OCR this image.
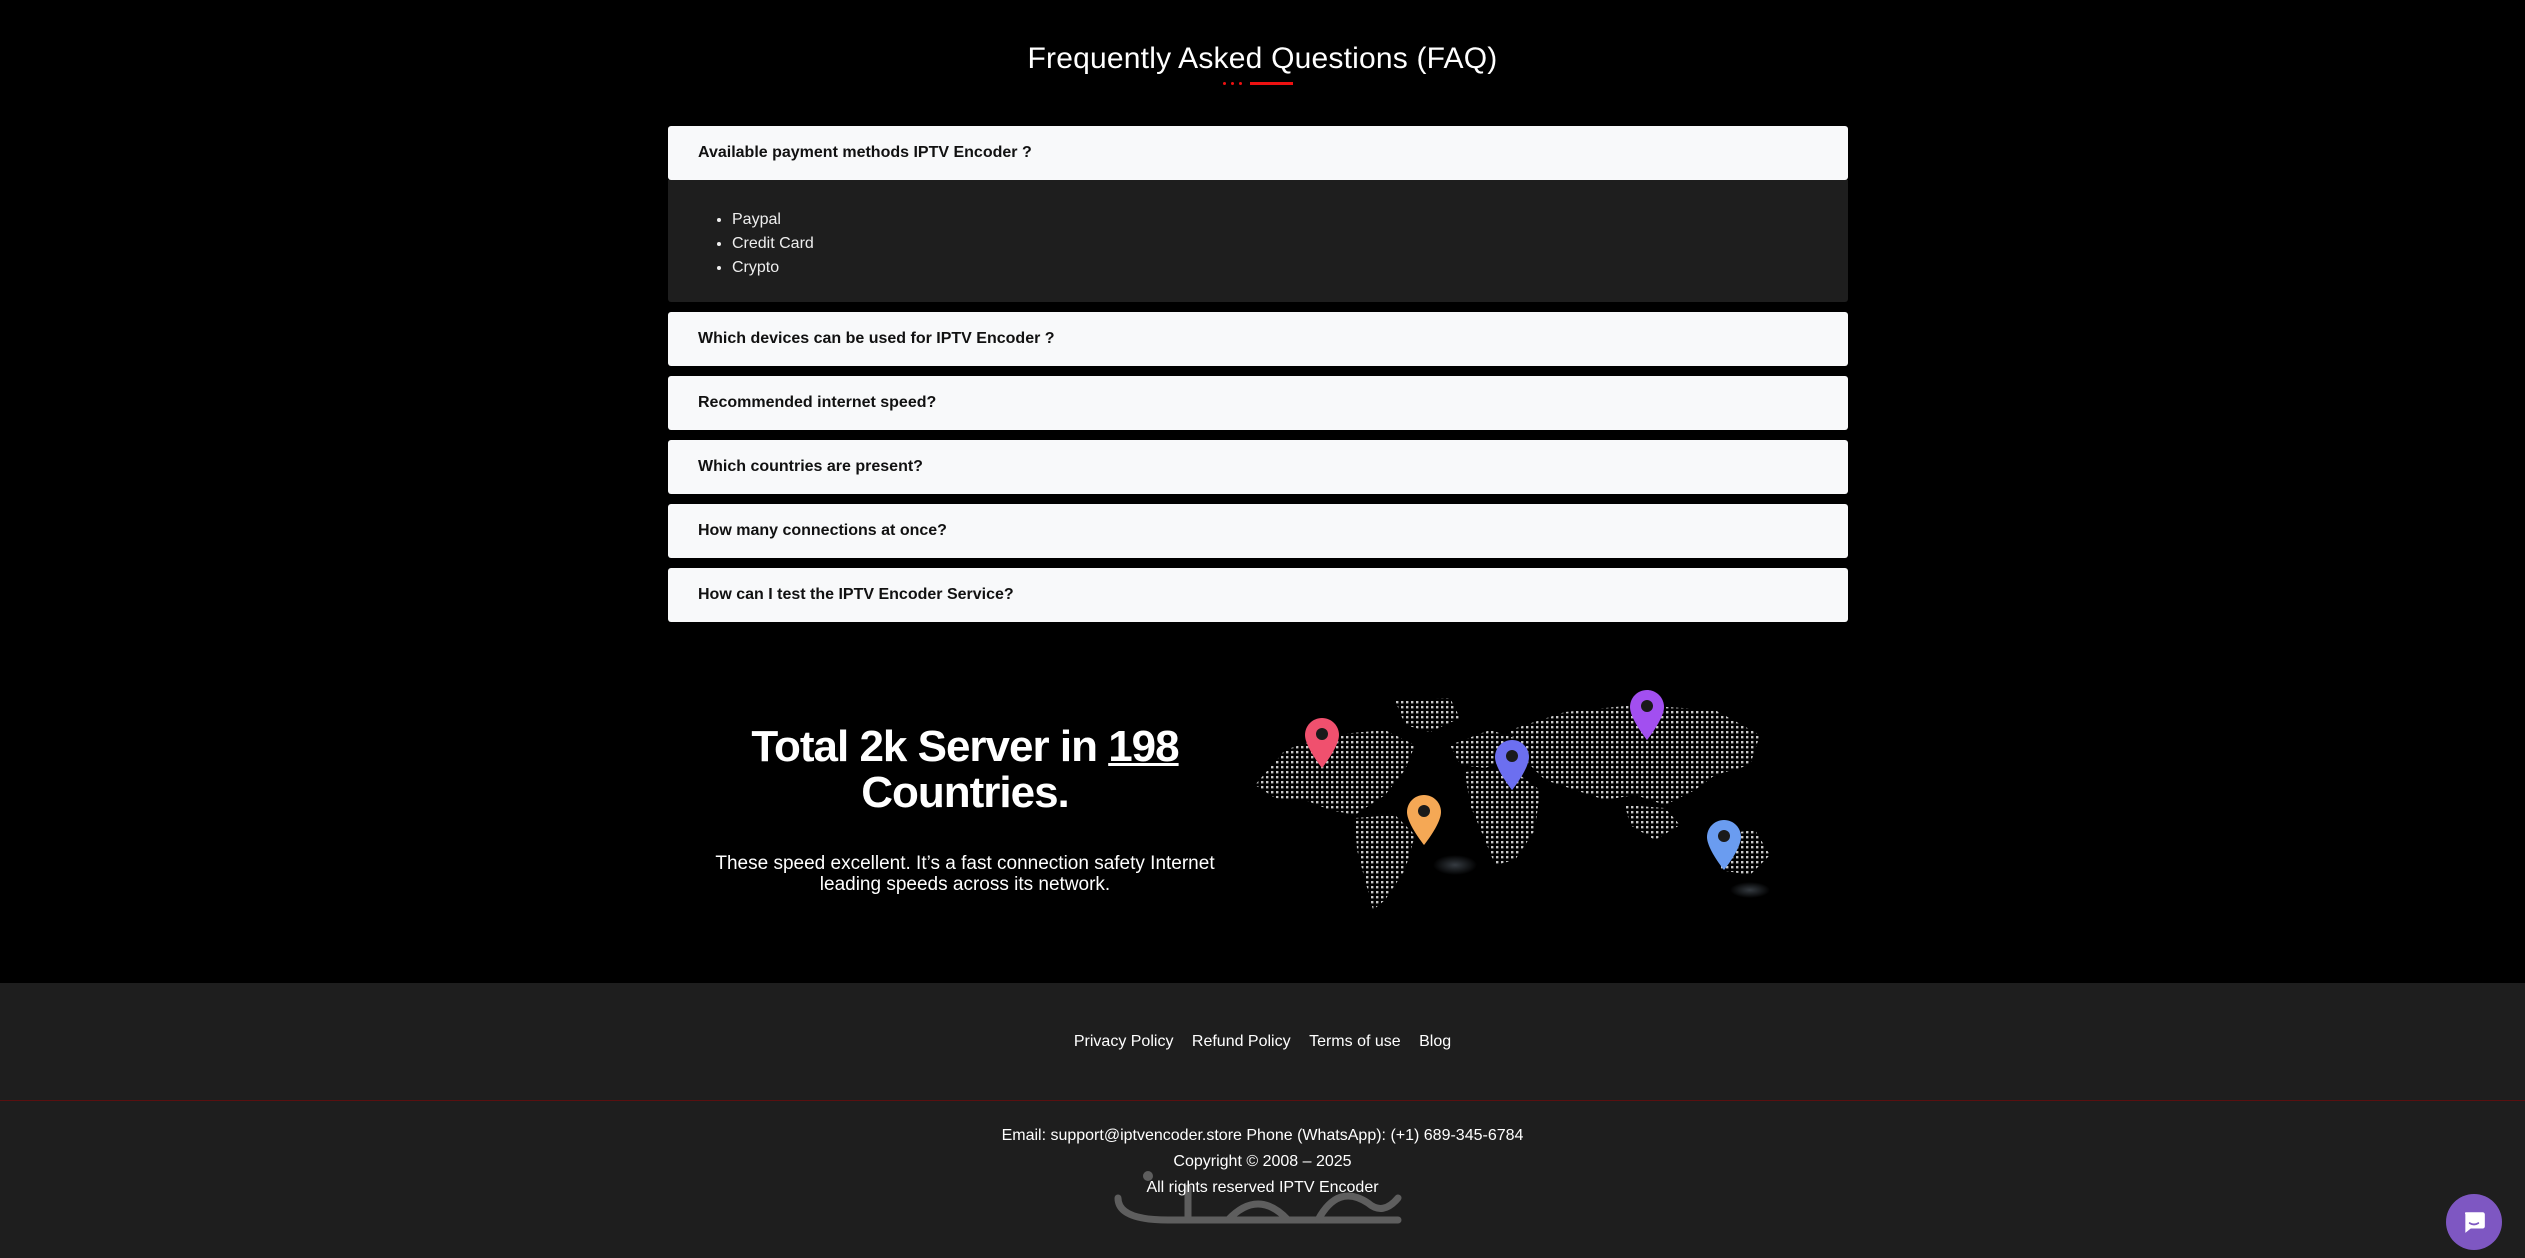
Frequently Asked Questions (FAQ)
Available payment methods IPTV Encoder ?
• Paypal
• Credit Card
• Crypto
Which devices can be used for IPTV Encoder ?
Recommended internet speed?
Which countries are present?
How many connections at once?
How can I test the IPTV Encoder Service?
Total 2k Server in 198
Countries.

These speed excellent. It’s a fast connection safety Internet leading speeds across its network.

Privacy Policy Refund Policy Terms of use Blog
Email: support@iptvencoder.store Phone (WhatsApp): (+1) 689-345-6784
Copyright © 2008 – 2025
All rights reserved IPTV Encoder
